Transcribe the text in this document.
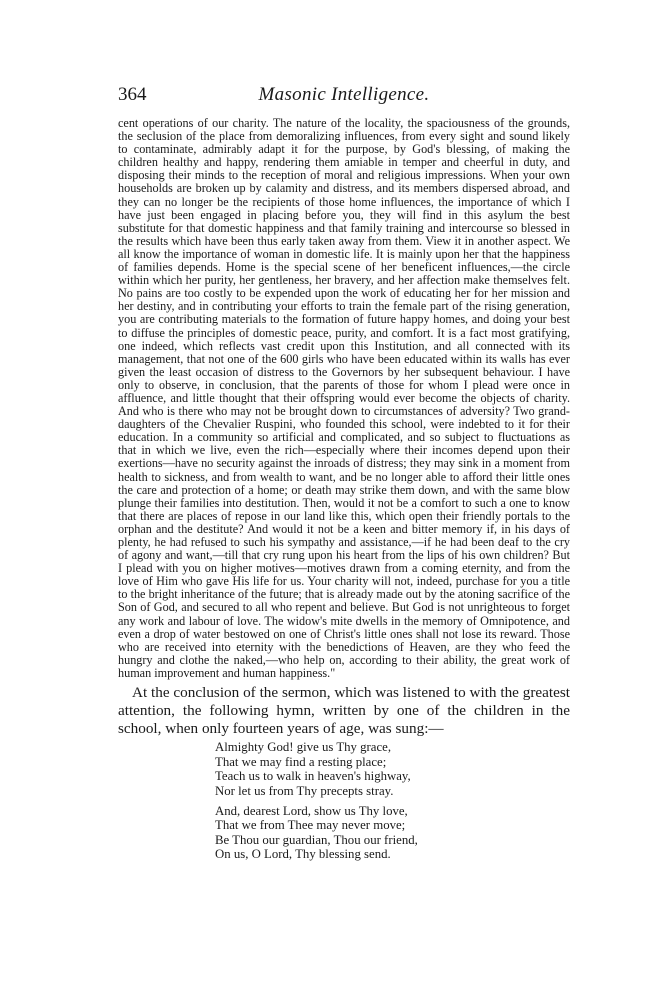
364	Masonic Intelligence.

cent operations of our charity. The nature of the locality, the spaciousness of the grounds, the seclusion of the place from demoralizing influences, from every sight and sound likely to contaminate, admirably adapt it for the purpose, by God's blessing, of making the children healthy and happy, rendering them amiable in temper and cheerful in duty, and disposing their minds to the reception of moral and religious impressions. When your own households are broken up by calamity and distress, and its members dispersed abroad, and they can no longer be the recipients of those home influences, the importance of which I have just been engaged in placing before you, they will find in this asylum the best substitute for that domestic happiness and that family training and intercourse so blessed in the results which have been thus early taken away from them. View it in another aspect. We all know the importance of woman in domestic life. It is mainly upon her that the happiness of families depends. Home is the special scene of her beneficent influences,—the circle within which her purity, her gentleness, her bravery, and her affection make themselves felt. No pains are too costly to be expended upon the work of educating her for her mission and her destiny, and in contributing your efforts to train the female part of the rising generation, you are contributing materials to the formation of future happy homes, and doing your best to diffuse the principles of domestic peace, purity, and comfort. It is a fact most gratifying, one indeed, which reflects vast credit upon this Institution, and all connected with its management, that not one of the 600 girls who have been educated within its walls has ever given the least occasion of distress to the Governors by her subsequent behaviour. I have only to observe, in conclusion, that the parents of those for whom I plead were once in affluence, and little thought that their offspring would ever become the objects of charity. And who is there who may not be brought down to circumstances of adversity? Two grand-daughters of the Chevalier Ruspini, who founded this school, were indebted to it for their education. In a community so artificial and complicated, and so subject to fluctuations as that in which we live, even the rich—especially where their incomes depend upon their exertions—have no security against the inroads of distress; they may sink in a moment from health to sickness, and from wealth to want, and be no longer able to afford their little ones the care and protection of a home; or death may strike them down, and with the same blow plunge their families into destitution. Then, would it not be a comfort to such a one to know that there are places of repose in our land like this, which open their friendly portals to the orphan and the destitute? And would it not be a keen and bitter memory if, in his days of plenty, he had refused to such his sympathy and assistance,—if he had been deaf to the cry of agony and want,—till that cry rung upon his heart from the lips of his own children? But I plead with you on higher motives—motives drawn from a coming eternity, and from the love of Him who gave His life for us. Your charity will not, indeed, purchase for you a title to the bright inheritance of the future; that is already made out by the atoning sacrifice of the Son of God, and secured to all who repent and believe. But God is not unrighteous to forget any work and labour of love. The widow's mite dwells in the memory of Omnipotence, and even a drop of water bestowed on one of Christ's little ones shall not lose its reward. Those who are received into eternity with the benedictions of Heaven, are they who feed the hungry and clothe the naked,—who help on, according to their ability, the great work of human improvement and human happiness."

At the conclusion of the sermon, which was listened to with the greatest attention, the following hymn, written by one of the children in the school, when only fourteen years of age, was sung:—

Almighty God! give us Thy grace,
That we may find a resting place;
Teach us to walk in heaven's highway,
Nor let us from Thy precepts stray.
And, dearest Lord, show us Thy love,
That we from Thee may never move;
Be Thou our guardian, Thou our friend,
On us, O Lord, Thy blessing send.
